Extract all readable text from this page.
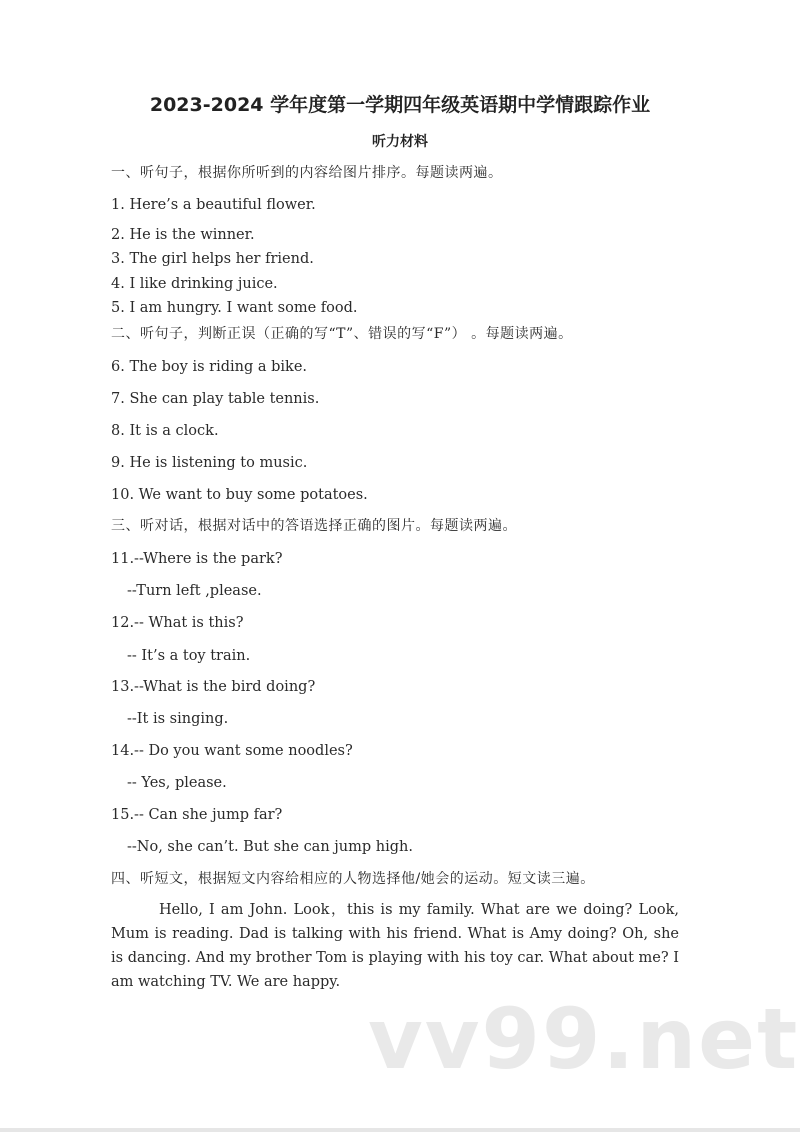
2023-2024 学年度第一学期四年级英语期中学情跟踪作业
听力材料
一、听句子，根据你所听到的内容给图片排序。每题读两遍。
1. Here’s a beautiful flower.
2. He is the winner.
3. The girl helps her friend.
4. I like drinking juice.
5. I am hungry. I want some food.
二、听句子，判断正误（正确的写“T”、错误的写“F”） 。每题读两遍。
6. The boy is riding a bike.
7. She can play table tennis.
8. It is a clock.
9. He is listening to music.
10. We want to buy some potatoes.
三、听对话，根据对话中的答语选择正确的图片。每题读两遍。
11.--Where is the park?
--Turn left ,please.
12.-- What is this?
-- It’s a toy train.
13.--What is the bird doing?
--It is singing.
14.-- Do you want some noodles?
-- Yes, please.
15.-- Can she jump far?
--No, she can’t. But she can jump high.
四、听短文，根据短文内容给相应的人物选择他/她会的运动。短文读三遍。
Hello, I am John. Look，this is my family. What are we doing? Look, Mum is reading. Dad is talking with his friend. What is Amy doing? Oh, she is dancing. And my brother Tom is playing with his toy car. What about me? I am watching TV. We are happy.
vv99.net
